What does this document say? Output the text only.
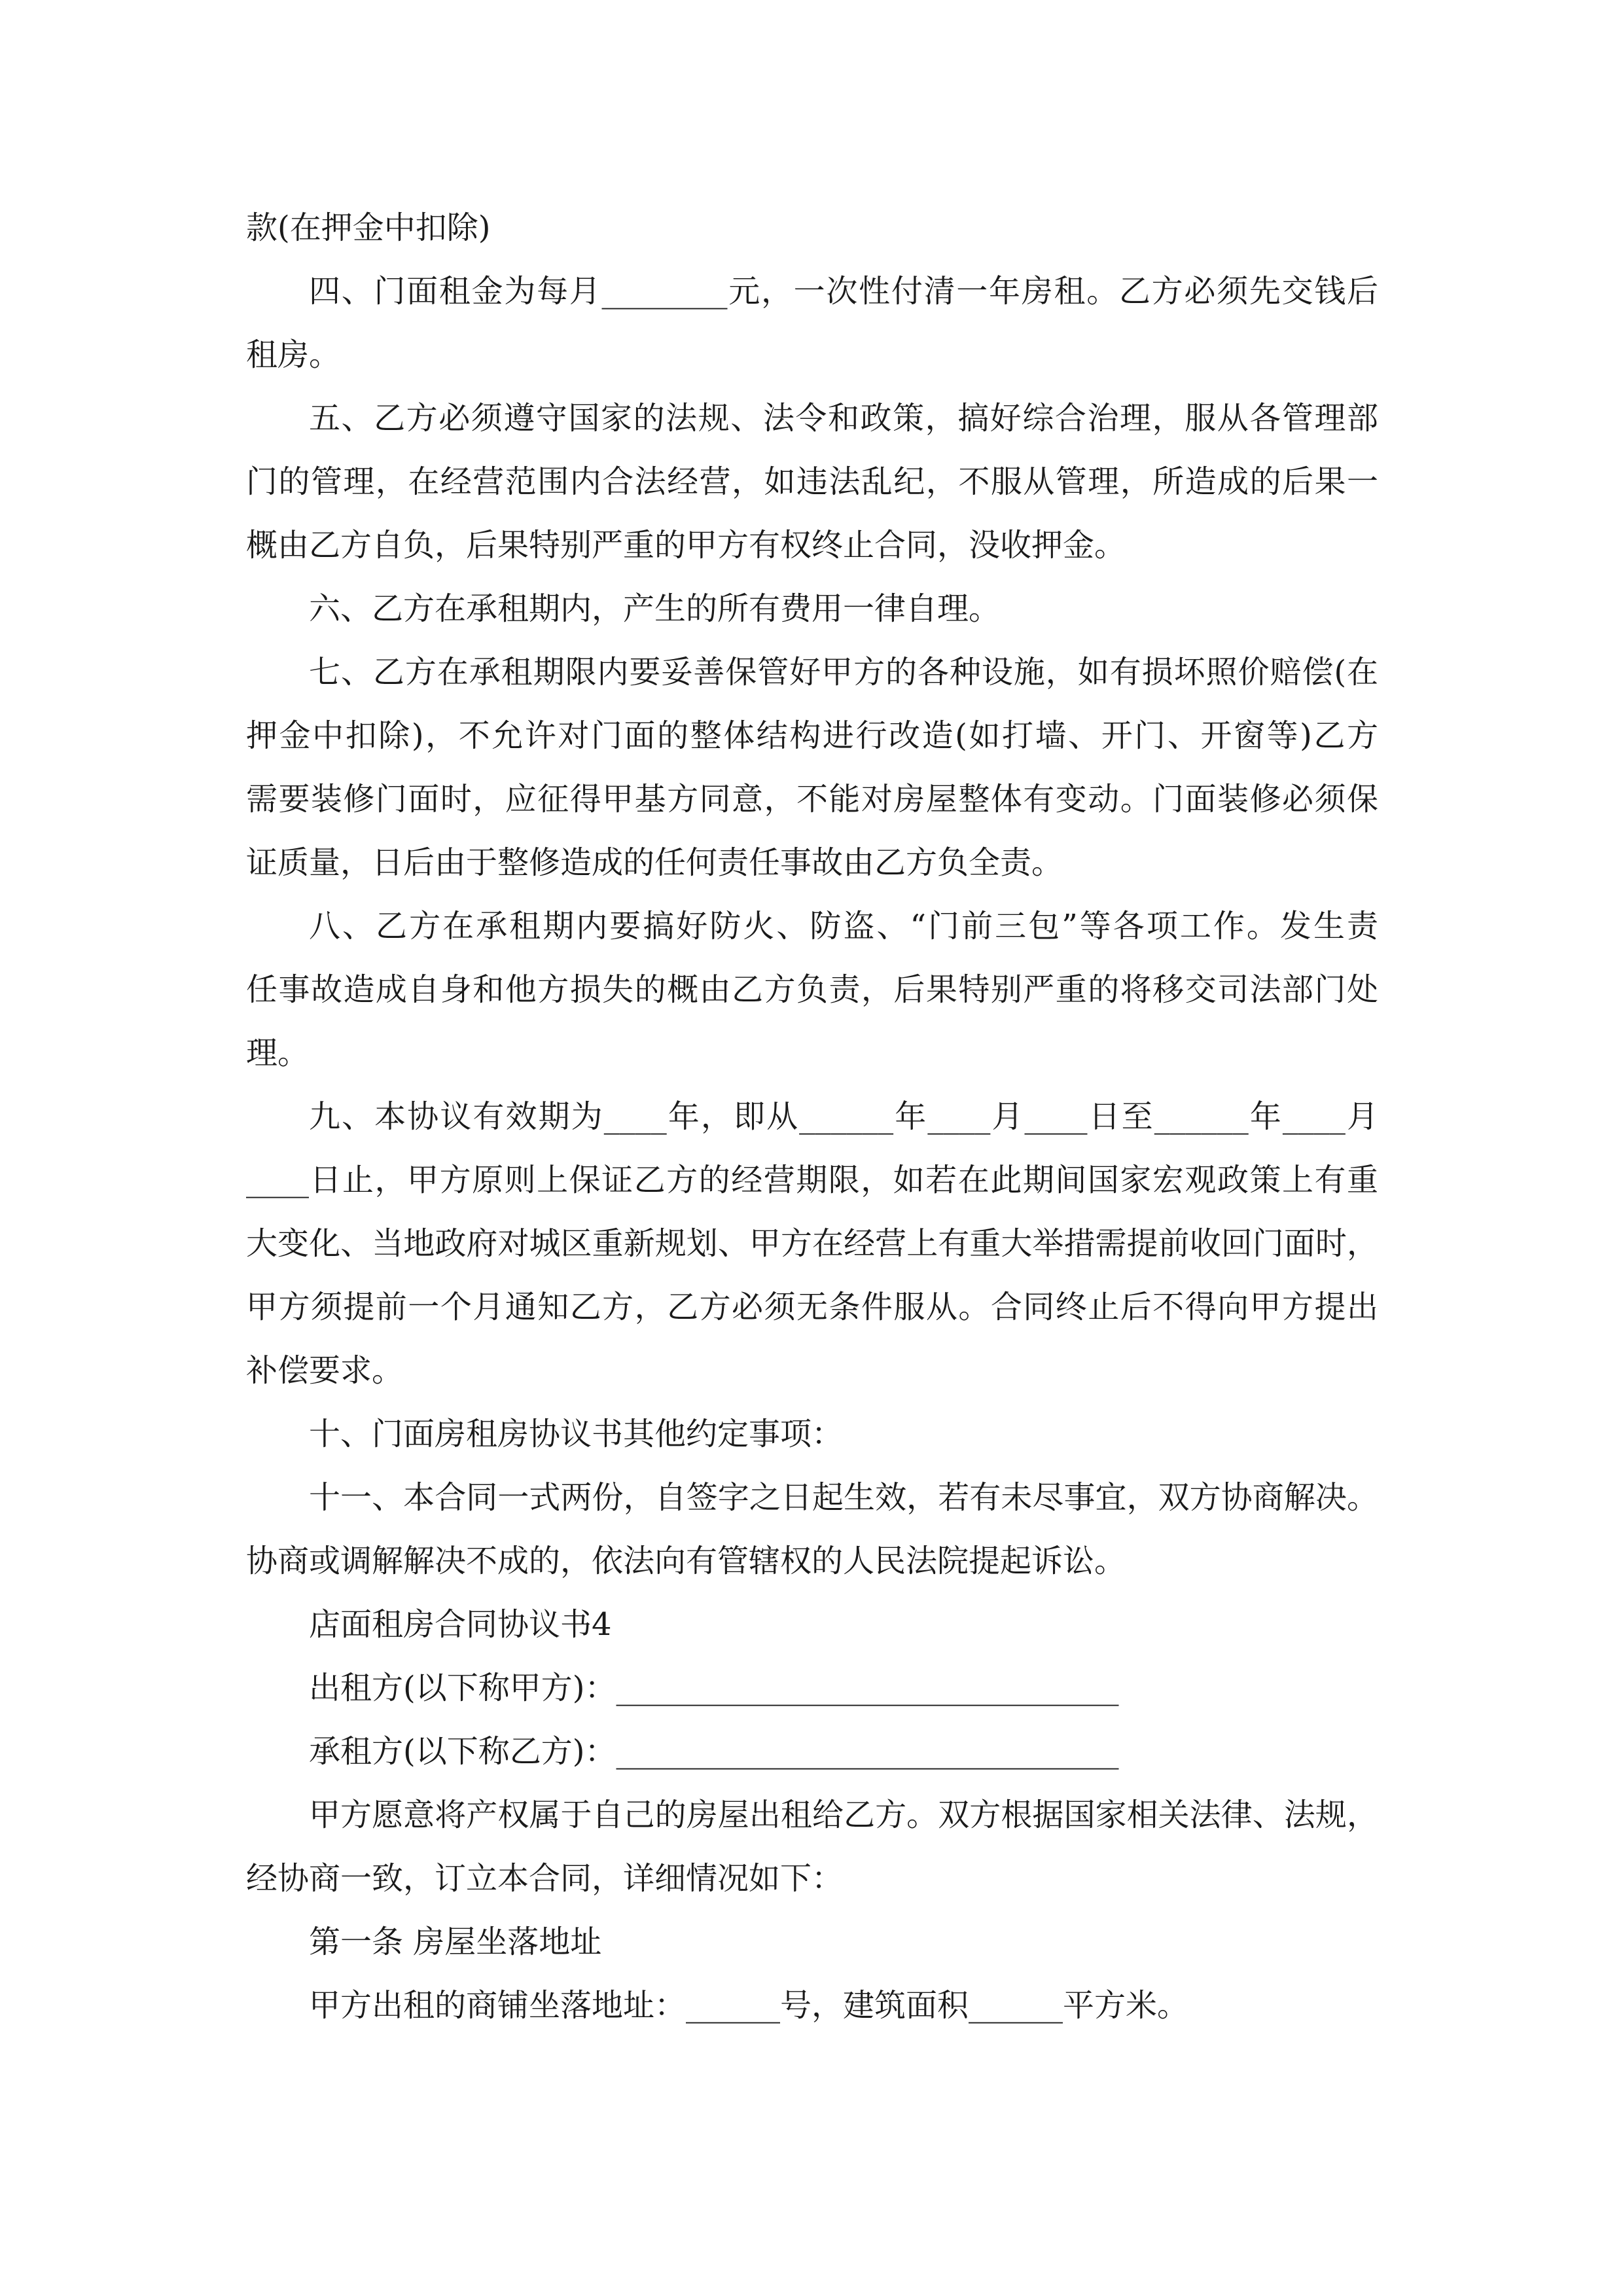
款(在押金中扣除)
四、门面租金为每月________元，一次性付清一年房租。乙方必须先交钱后
租房。
五、乙方必须遵守国家的法规、法令和政策，搞好综合治理，服从各管理部
门的管理，在经营范围内合法经营，如违法乱纪，不服从管理，所造成的后果一
概由乙方自负，后果特别严重的甲方有权终止合同，没收押金。
六、乙方在承租期内，产生的所有费用一律自理。
七、乙方在承租期限内要妥善保管好甲方的各种设施，如有损坏照价赔偿(在
押金中扣除)，不允许对门面的整体结构进行改造(如打墙、开门、开窗等)乙方
需要装修门面时，应征得甲基方同意，不能对房屋整体有变动。门面装修必须保
证质量，日后由于整修造成的任何责任事故由乙方负全责。
八、乙方在承租期内要搞好防火、防盗、“门前三包”等各项工作。发生责
任事故造成自身和他方损失的概由乙方负责，后果特别严重的将移交司法部门处
理。
九、本协议有效期为____年，即从______年____月____日至______年____月
____日止，甲方原则上保证乙方的经营期限，如若在此期间国家宏观政策上有重
大变化、当地政府对城区重新规划、甲方在经营上有重大举措需提前收回门面时，
甲方须提前一个月通知乙方，乙方必须无条件服从。合同终止后不得向甲方提出
补偿要求。
十、门面房租房协议书其他约定事项：
十一、本合同一式两份，自签字之日起生效，若有未尽事宜，双方协商解决。
协商或调解解决不成的，依法向有管辖权的人民法院提起诉讼。
店面租房合同协议书4
出租方(以下称甲方)：________________________________
承租方(以下称乙方)：________________________________
甲方愿意将产权属于自己的房屋出租给乙方。双方根据国家相关法律、法规，
经协商一致，订立本合同，详细情况如下：
第一条 房屋坐落地址
甲方出租的商铺坐落地址：______号，建筑面积______平方米。
